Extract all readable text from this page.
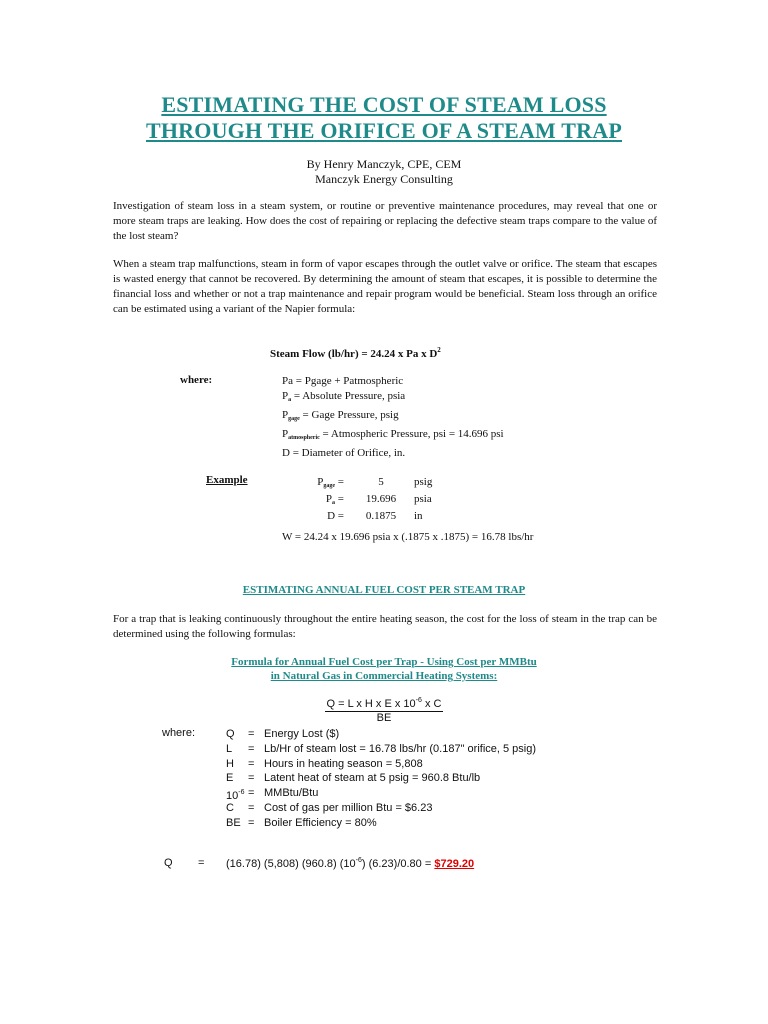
ESTIMATING THE COST OF STEAM LOSS
THROUGH THE ORIFICE OF A STEAM TRAP
By Henry Manczyk, CPE, CEM
Manczyk Energy Consulting
Investigation of steam loss in a steam system, or routine or preventive maintenance procedures, may reveal that one or more steam traps are leaking. How does the cost of repairing or replacing the defective steam traps compare to the value of the lost steam?
When a steam trap malfunctions, steam in form of vapor escapes through the outlet valve or orifice. The steam that escapes is wasted energy that cannot be recovered. By determining the amount of steam that escapes, it is possible to determine the financial loss and whether or not a trap maintenance and repair program would be beneficial. Steam loss through an orifice can be estimated using a variant of the Napier formula:
Steam Flow (lb/hr) = 24.24 x Pa x $D^2$
where:	Pa = Pgage + Patmospheric
$P_a$ = Absolute Pressure, psia
$P_{gage}$ = Gage Pressure, psig
$P_{atmospheric}$ = Atmospheric Pressure, psi = 14.696 psi
D = Diameter of Orifice, in.
Example	$P_{gage}$ =	5	psig
$P_a$ =	19.696	psia
D =	0.1875	in
W = 24.24 x 19.696 psia x (.1875 x .1875) = 16.78 lbs/hr
ESTIMATING ANNUAL FUEL COST PER STEAM TRAP
For a trap that is leaking continuously throughout the entire heating season, the cost for the loss of steam in the trap can be determined using the following formulas:
Formula for Annual Fuel Cost per Trap - Using Cost per MMBtu
in Natural Gas in Commercial Heating Systems:
$\frac{Q = L x H x E x 10^{-6} x C}{BE}$
where:	Q = Energy Lost ($)
L = Lb/Hr of steam lost = 16.78 lbs/hr (0.187" orifice, 5 psig)
H = Hours in heating season = 5,808
E = Latent heat of steam at 5 psig = 960.8 Btu/lb
$10^{-6}$ = MMBtu/Btu
C = Cost of gas per million Btu = $6.23
BE = Boiler Efficiency = 80%
Q = (16.78) (5,808) (960.8) $(10^{-6}) (6.23)/0.80$ = $729.20
